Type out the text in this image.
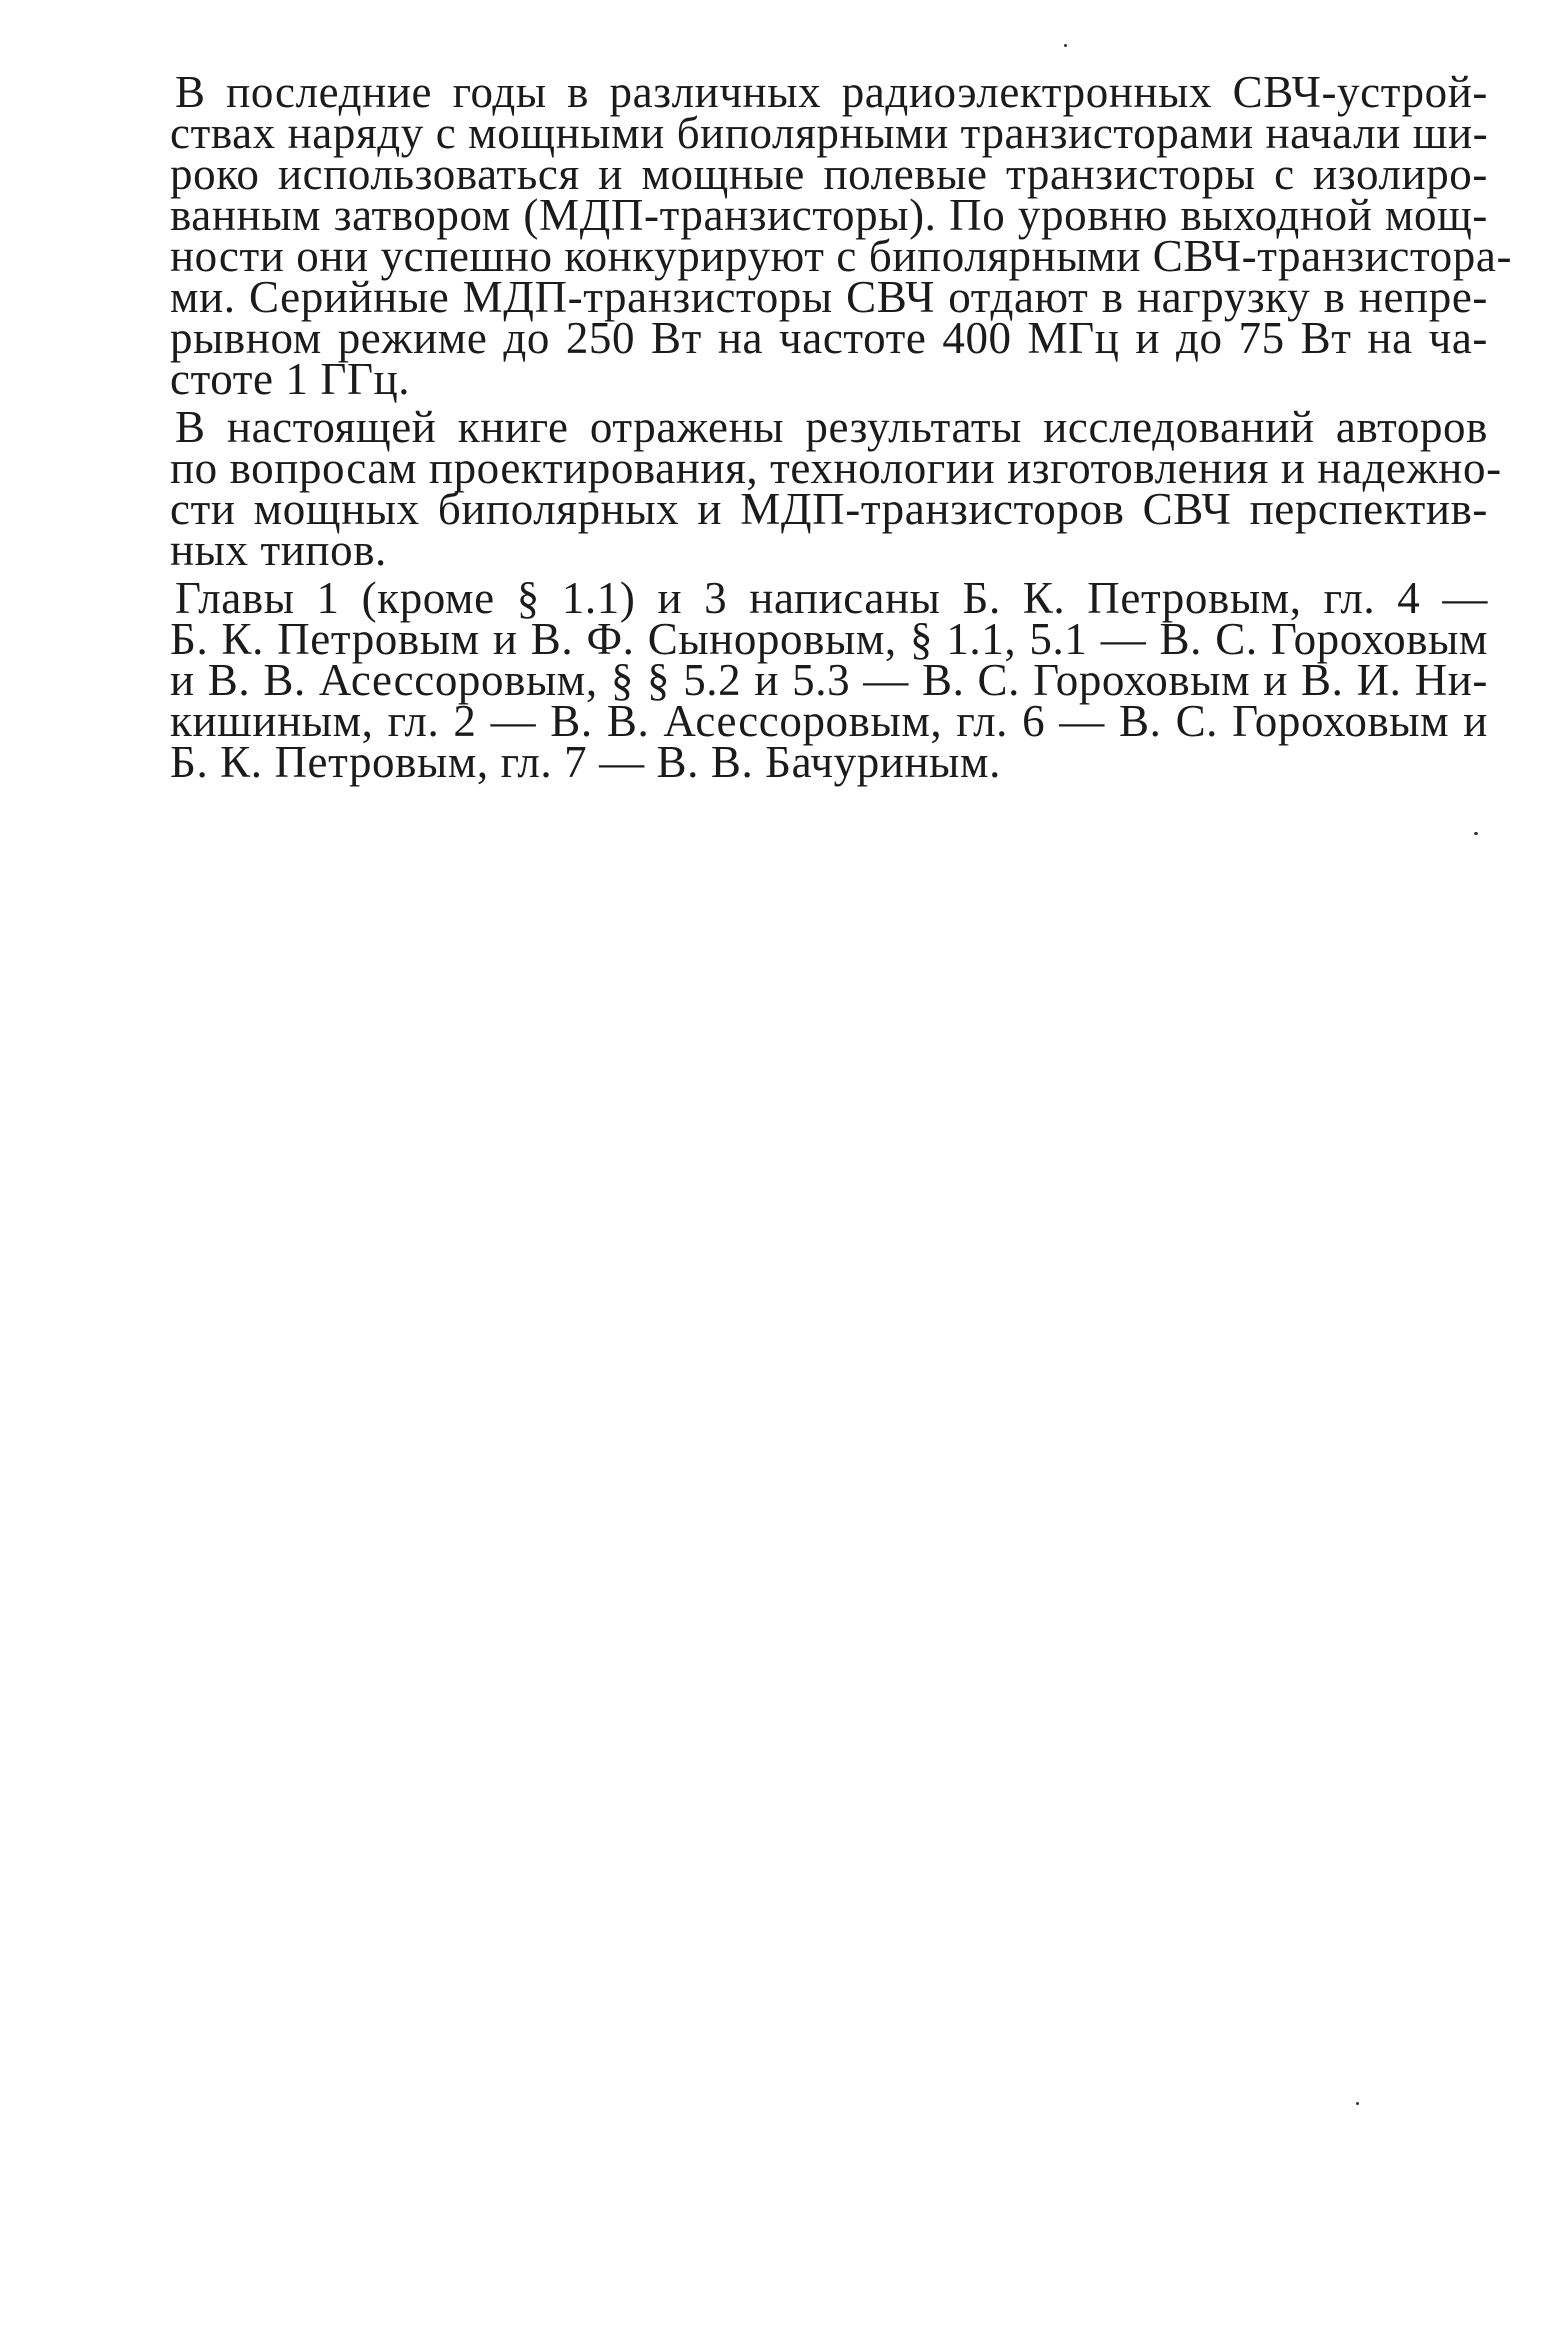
В последние годы в различных радиоэлектронных СВЧ-устрой-
ствах наряду с мощными биполярными транзисторами начали ши-
роко использоваться и мощные полевые транзисторы с изолиро-
ванным затвором (МДП-транзисторы). По уровню выходной мощ-
ности они успешно конкурируют с биполярными СВЧ-транзистора-
ми. Серийные МДП-транзисторы СВЧ отдают в нагрузку в непре-
рывном режиме до 250 Вт на частоте 400 МГц и до 75 Вт на ча-
стоте 1 ГГц.

В настоящей книге отражены результаты исследований авторов
по вопросам проектирования, технологии изготовления и надежно-
сти мощных биполярных и МДП-транзисторов СВЧ перспектив-
ных типов.

Главы 1 (кроме § 1.1) и 3 написаны Б. К. Петровым, гл. 4 —
Б. К. Петровым и В. Ф. Сыноровым, § 1.1, 5.1 — В. С. Гороховым
и В. В. Асессоровым, § § 5.2 и 5.3 — В. С. Гороховым и В. И. Ни-
кишиным, гл. 2 — В. В. Асессоровым, гл. 6 — В. С. Гороховым и
Б. К. Петровым, гл. 7 — В. В. Бачуриным.
